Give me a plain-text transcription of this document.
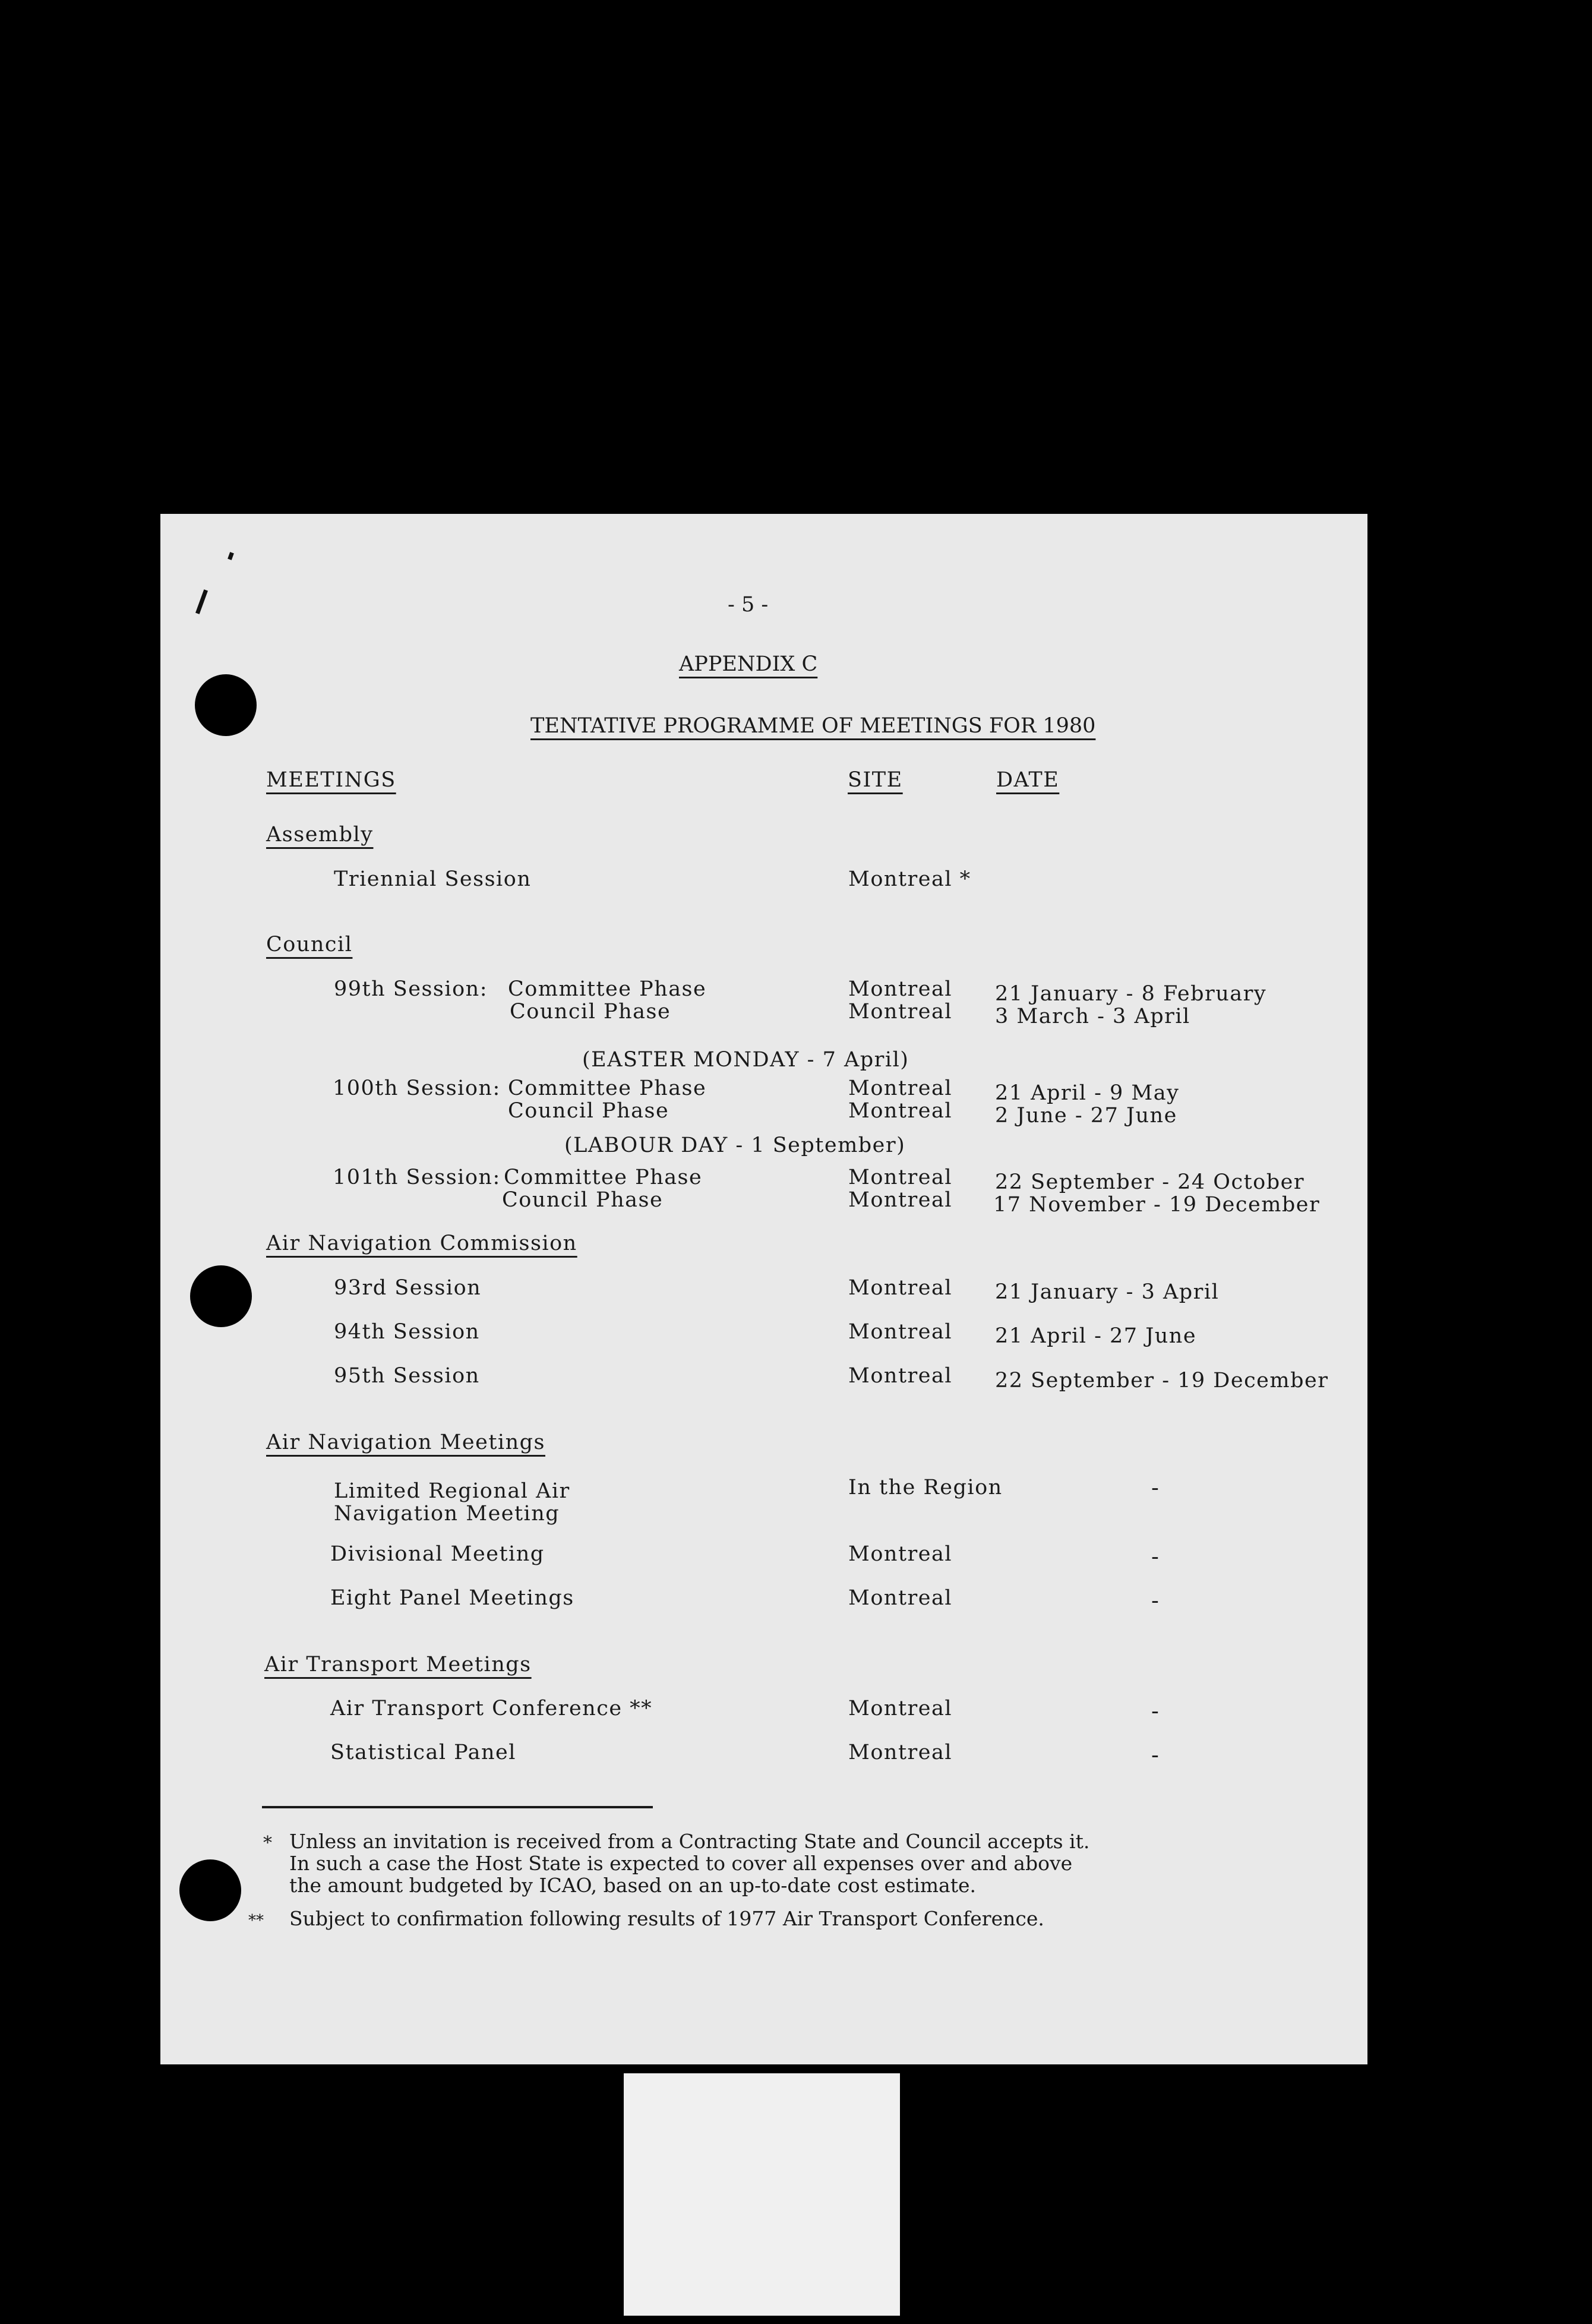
- 5 -
APPENDIX C
TENTATIVE PROGRAMME OF MEETINGS FOR 1980
MEETINGS	SITE	DATE
Assembly
Triennial Session	Montreal *
Council
99th Session: Committee Phase	Montreal 21 January - 8 February
Council Phase	Montreal 3 March - 3 April
(EASTER MONDAY - 7 April)
100th Session: Committee Phase	Montreal 21 April - 9 May
Council Phase	Montreal 2 June - 27 June
(LABOUR DAY - 1 September)
101th Session: Committee Phase	Montreal 22 September - 24 October
Council Phase	Montreal 17 November - 19 December
Air Navigation Commission
93rd Session	Montreal 21 January - 3 April
94th Session	Montreal 21 April - 27 June
95th Session	Montreal 22 September - 19 December
Air Navigation Meetings
Limited Regional Air
Navigation Meeting
In the Region	-
Divisional Meeting	Montreal	-
Eight Panel Meetings	Montreal	-
Air Transport Meetings
Air Transport Conference **	Montreal	-
Statistical Panel	Montreal	-
* Unless an invitation is received from a Contracting State and Council accepts it.
In such a case the Host State is expected to cover all expenses over and above
the amount budgeted by ICAO, based on an up-to-date cost estimate.
** Subject to confirmation following results of 1977 Air Transport Conference.
